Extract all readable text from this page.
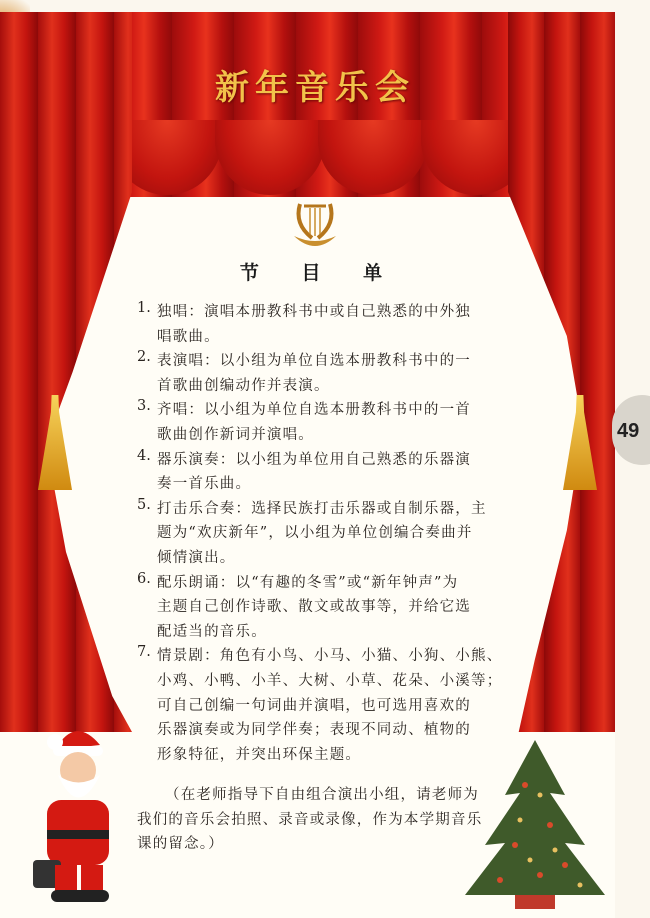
新年音乐会
节 目 单
1. 独唱：演唱本册教科书中或自己熟悉的中外独
唱歌曲。
2. 表演唱：以小组为单位自选本册教科书中的一
首歌曲创编动作并表演。
3. 齐唱：以小组为单位自选本册教科书中的一首
歌曲创作新词并演唱。
4. 器乐演奏：以小组为单位用自己熟悉的乐器演
奏一首乐曲。
5. 打击乐合奏：选择民族打击乐器或自制乐器，主
题为“欢庆新年”，以小组为单位创编合奏曲并
倾情演出。
6. 配乐朗诵：以“有趣的冬雪”或“新年钟声”为
主题自己创作诗歌、散文或故事等，并给它选
配适当的音乐。
7. 情景剧：角色有小鸟、小马、小猫、小狗、小熊、
小鸡、小鸭、小羊、大树、小草、花朵、小溪等；
可自己创编一句词曲并演唱，也可选用喜欢的
乐器演奏或为同学伴奏；表现不同动、植物的
形象特征，并突出环保主题。
（在老师指导下自由组合演出小组，请老师为
我们的音乐会拍照、录音或录像，作为本学期音乐
课的留念。）
49
